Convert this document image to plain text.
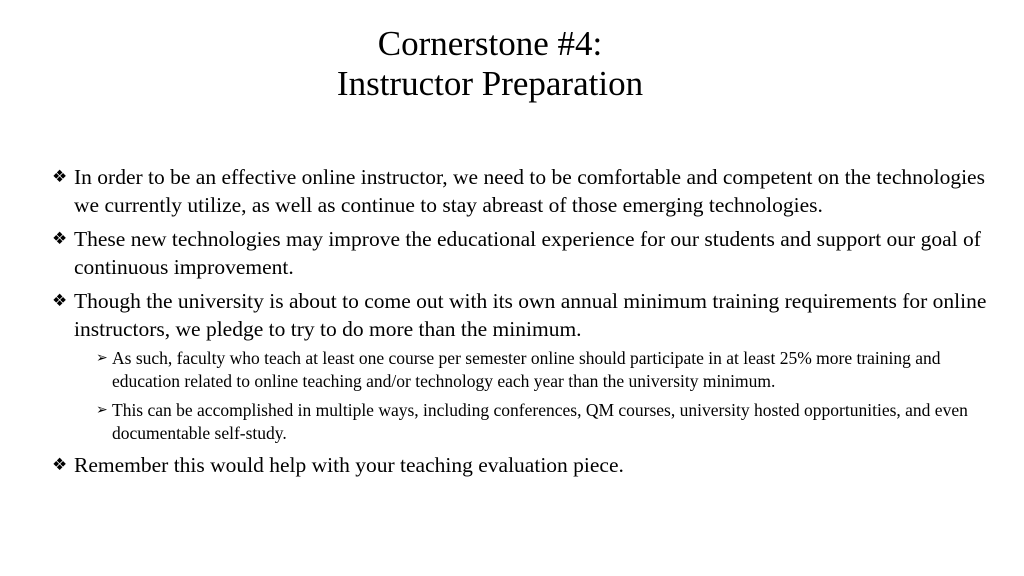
Cornerstone #4:
Instructor Preparation
❖ In order to be an effective online instructor, we need to be comfortable and competent on the technologies we currently utilize, as well as continue to stay abreast of those emerging technologies.
❖ These new technologies may improve the educational experience for our students and support our goal of continuous improvement.
❖ Though the university is about to come out with its own annual minimum training requirements for online instructors, we pledge to try to do more than the minimum.
➢ As such, faculty who teach at least one course per semester online should participate in at least 25% more training and education related to online teaching and/or technology each year than the university minimum.
➢ This can be accomplished in multiple ways, including conferences, QM courses, university hosted opportunities, and even documentable self-study.
❖ Remember this would help with your teaching evaluation piece.
